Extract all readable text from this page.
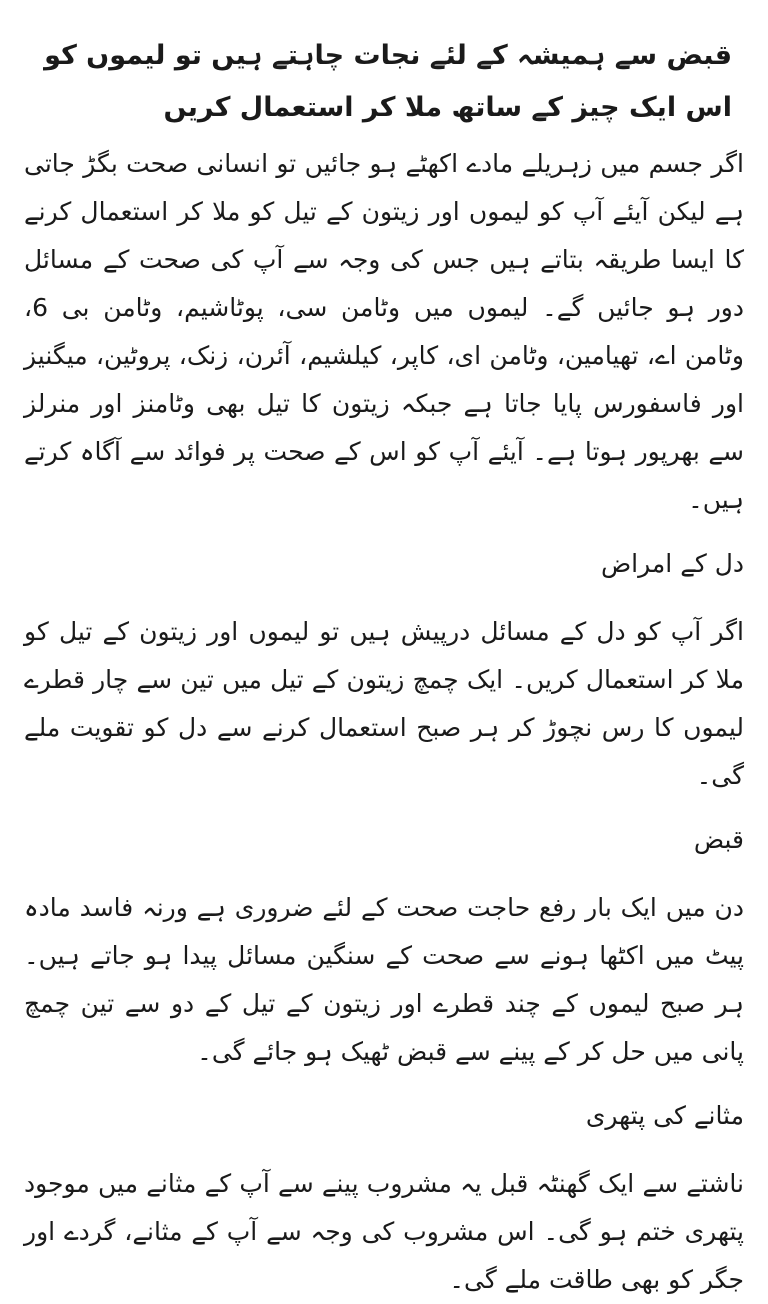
قبض سے ہمیشہ کے لئے نجات چاہتے ہیں تو لیموں کو اس ایک چیز کے ساتھ ملا کر استعمال کریں
اگر جسم میں زہریلے مادے اکھٹے ہو جائیں تو انسانی صحت بگڑ جاتی ہے لیکن آیئے آپ کو لیموں اور زیتون کے تیل کو ملا کر استعمال کرنے کا ایسا طریقہ بتاتے ہیں جس کی وجہ سے آپ کی صحت کے مسائل دور ہو جائیں گے۔ لیموں میں وٹامن سی، پوٹاشیم، وٹامن بی 6، وٹامن اے، تھیامین، وٹامن ای، کاپر، کیلشیم، آئرن، زنک، پروٹین، میگنیز اور فاسفورس پایا جاتا ہے جبکہ زیتون کا تیل بھی وٹامنز اور منرلز سے بھرپور ہوتا ہے۔ آیئے آپ کو اس کے صحت پر فوائد سے آگاہ کرتے ہیں۔
دل کے امراض
اگر آپ کو دل کے مسائل درپیش ہیں تو لیموں اور زیتون کے تیل کو ملا کر استعمال کریں۔ ایک چمچ زیتون کے تیل میں تین سے چار قطرے لیموں کا رس نچوڑ کر ہر صبح استعمال کرنے سے دل کو تقویت ملے گی۔
قبض
دن میں ایک بار رفع حاجت صحت کے لئے ضروری ہے ورنہ فاسد مادہ پیٹ میں اکٹھا ہونے سے صحت کے سنگین مسائل پیدا ہو جاتے ہیں۔ ہر صبح لیموں کے چند قطرے اور زیتون کے تیل کے دو سے تین چمچ پانی میں حل کر کے پینے سے قبض ٹھیک ہو جائے گی۔
مثانے کی پتھری
ناشتے سے ایک گھنٹہ قبل یہ مشروب پینے سے آپ کے مثانے میں موجود پتھری ختم ہو گی۔ اس مشروب کی وجہ سے آپ کے مثانے، گردے اور جگر کو بھی طاقت ملے گی۔
